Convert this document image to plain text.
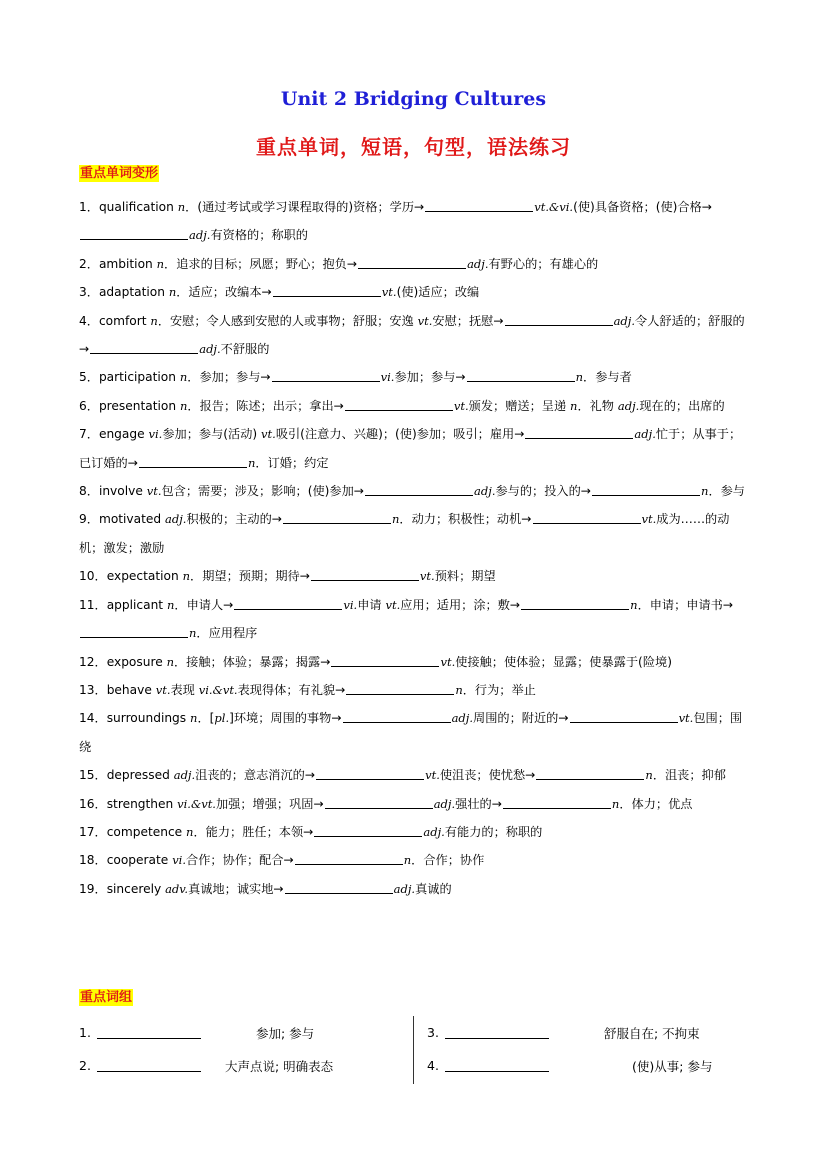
Unit 2 Bridging Cultures
重点单词，短语，句型，语法练习
重点单词变形
1．qualification n．(通过考试或学习课程取得的)资格；学历→	vt.&vi.(使)具备资格；(使)合格→adj.有资格的；称职的
2．ambition n．追求的目标；夙愿；野心；抱负→	adj.有野心的；有雄心的
3．adaptation n．适应；改编本→	vt.(使)适应；改编
4．comfort n．安慰；令人感到安慰的人或事物；舒服；安逸 vt.安慰；抚慰→	adj.令人舒适的；舒服的→	adj.不舒服的
5．participation n．参加；参与→	vi.参加；参与→	n．参与者
6．presentation n．报告；陈述；出示；拿出→	vt.颁发；赠送；呈递 n．礼物 adj.现在的；出席的
7．engage vi.参加；参与(活动) vt.吸引(注意力、兴趣)；(使)参加；吸引；雇用→	adj.忙于；从事于；已订婚的→	n．订婚；约定
8．involve vt.包含；需要；涉及；影响；(使)参加→	adj.参与的；投入的→	n．参与
9．motivated adj.积极的；主动的→	n．动力；积极性；动机→	vt.成为……的动机；激发；激励
10．expectation n．期望；预期；期待→	vt.预料；期望
11．applicant n．申请人→	vi.申请 vt.应用；适用；涂；敷→	n．申请；申请书→n．应用程序
12．exposure n．接触；体验；暴露；揭露→	vt.使接触；使体验；显露；使暴露于(险境)
13．behave vt.表现 vi.&vt.表现得体；有礼貌→	n．行为；举止
14．surroundings n．[pl.]环境；周围的事物→	adj.周围的；附近的→	vt.包围；围绕
15．depressed adj.沮丧的；意志消沉的→	vt.使沮丧；使忧愁→	n．沮丧；抑郁
16．strengthen vi.&vt.加强；增强；巩固→	adj.强壮的→	n．体力；优点
17．competence n．能力；胜任；本领→	adj.有能力的；称职的
18．cooperate vi.合作；协作；配合→	n．合作；协作
19．sincerely adv.真诚地；诚实地→	adj.真诚的
重点词组
1.	参加; 参与
2.	大声点说; 明确表态
3.	舒服自在; 不拘束
4.	(使)从事; 参与
